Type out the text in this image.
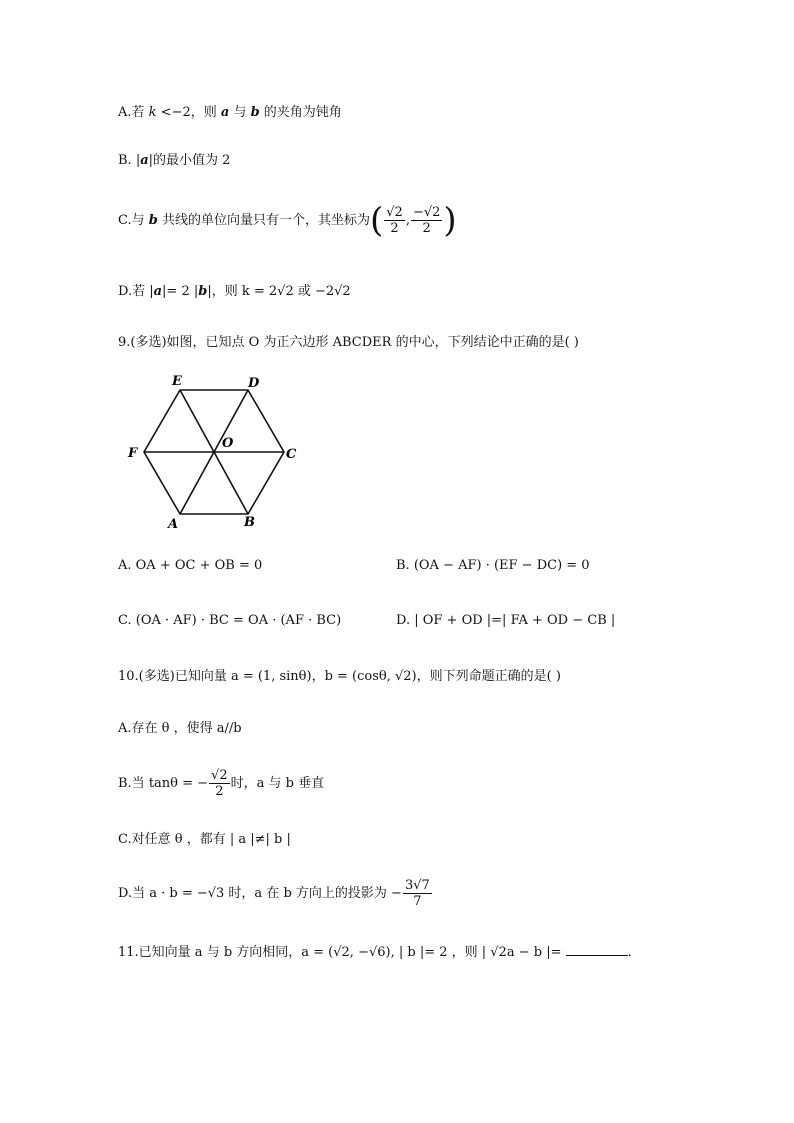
A.若 k <−2，则 a 与 b 的夹角为钝角
B. |a|的最小值为 2
C.与 b 共线的单位向量只有一个，其坐标为( $\frac{√2}{2}$ , $\frac{-√2}{2}$ )
D.若 |a|= 2 |b|，则 k = 2√2 或 −2√2
9.(多选)如图，已知点 O 为正六边形 ABCDER 的中心，下列结论中正确的是( )
E	D
F
O
C
A	B
A. OA + OC + OB = 0	B. (OA − AF) · (EF − DC) = 0
C. (OA · AF) · BC = OA · (AF · BC)	D. | OF + OD |=| FA + OD − CB |
10.(多选)已知向量 a = (1, sinθ)，b = (cosθ, √2)，则下列命题正确的是( )
A.存在 θ ，使得 a//b
B.当 tanθ = − $\frac{√2}{2}$ 时，a 与 b 垂直
C.对任意 θ ，都有 | a |≠| b |
D.当 a · b = −√3 时，a 在 b 方向上的投影为 − $\frac{3√7}{7}$
11.已知向量 a 与 b 方向相同，a = (√2, −√6), | b |= 2 ，则 | √2a − b |=	.
